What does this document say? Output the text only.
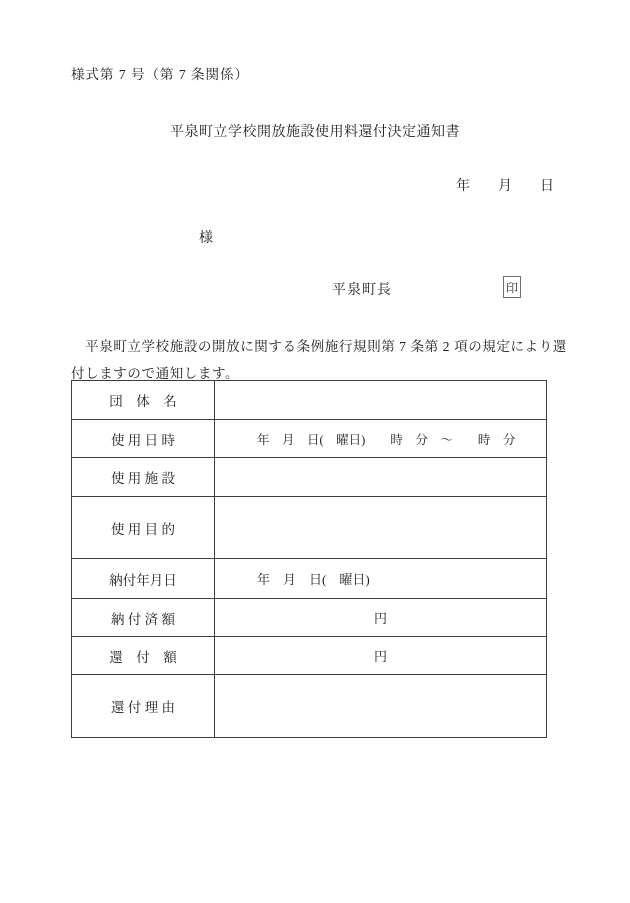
様式第 7 号（第 7 条関係）
平泉町立学校開放施設使用料還付決定通知書
年　　月　　日
様
平泉町長	印
　平泉町立学校施設の開放に関する条例施行規則第 7 条第 2 項の規定により還
付しますので通知します。
団　体　名
使 用 日 時	年　月　日(　曜日)　　時　分　～　　時　分
使 用 施 設
使 用 目 的
納付年月日	年　月　日(　曜日)
納 付 済 額	円
還　付　額	円
還 付 理 由
